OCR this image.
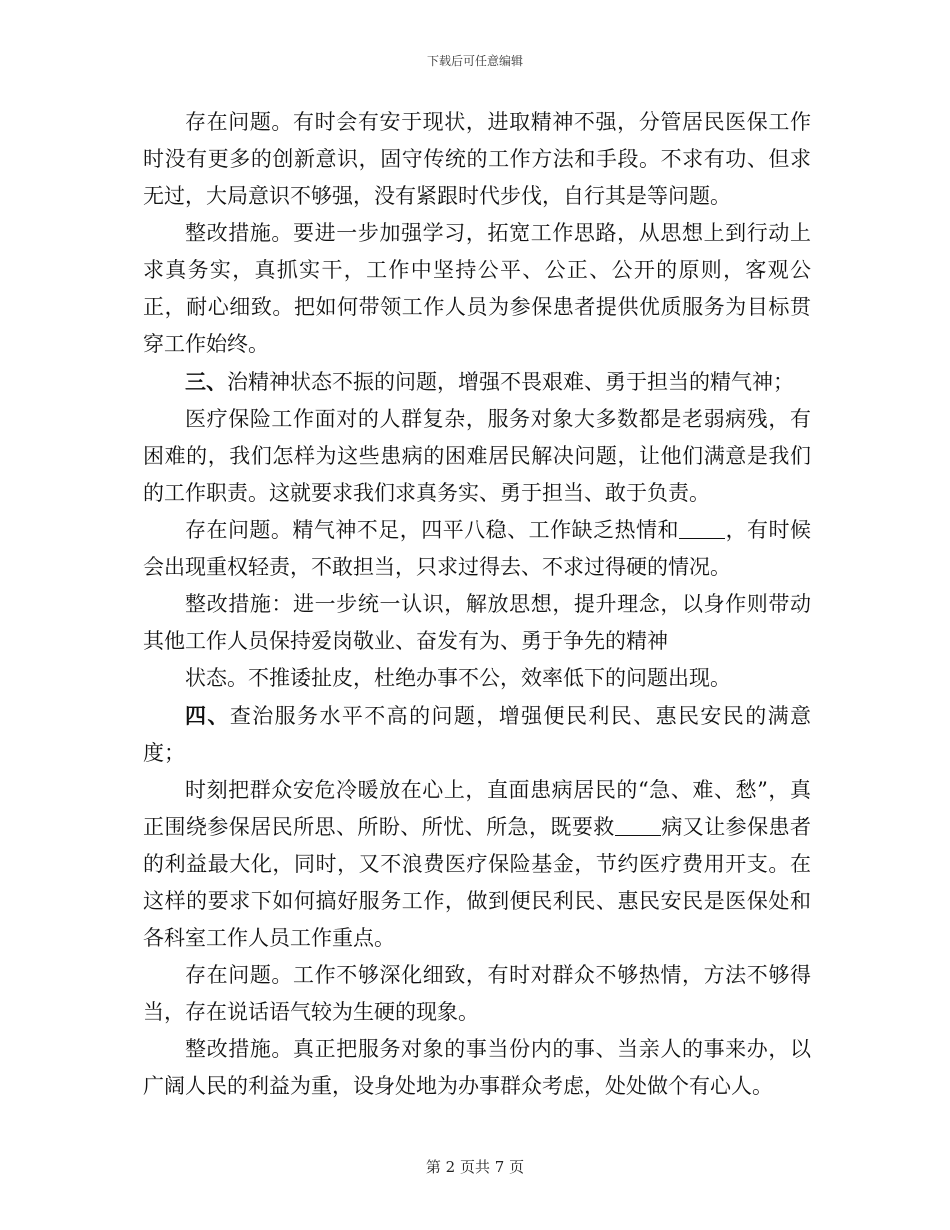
下载后可任意编辑

存在问题。有时会有安于现状，进取精神不强，分管居民医保工作时没有更多的创新意识，固守传统的工作方法和手段。不求有功、但求无过，大局意识不够强，没有紧跟时代步伐，自行其是等问题。

整改措施。要进一步加强学习，拓宽工作思路，从思想上到行动上求真务实，真抓实干，工作中坚持公平、公正、公开的原则，客观公正，耐心细致。把如何带领工作人员为参保患者提供优质服务为目标贯穿工作始终。

三、治精神状态不振的问题，增强不畏艰难、勇于担当的精气神；

医疗保险工作面对的人群复杂，服务对象大多数都是老弱病残，有困难的，我们怎样为这些患病的困难居民解决问题，让他们满意是我们的工作职责。这就要求我们求真务实、勇于担当、敢于负责。

存在问题。精气神不足，四平八稳、工作缺乏热情和 ，有时候会出现重权轻责，不敢担当，只求过得去、不求过得硬的情况。

整改措施：进一步统一认识，解放思想，提升理念，以身作则带动其他工作人员保持爱岗敬业、奋发有为、勇于争先的精神

状态。不推诿扯皮，杜绝办事不公，效率低下的问题出现。

四、查治服务水平不高的问题，增强便民利民、惠民安民的满意度；

时刻把群众安危冷暖放在心上，直面患病居民的“急、难、愁”，真正围绕参保居民所思、所盼、所忧、所急，既要救 病又让参保患者的利益最大化，同时，又不浪费医疗保险基金，节约医疗费用开支。在这样的要求下如何搞好服务工作，做到便民利民、惠民安民是医保处和各科室工作人员工作重点。

存在问题。工作不够深化细致，有时对群众不够热情，方法不够得当，存在说话语气较为生硬的现象。

整改措施。真正把服务对象的事当份内的事、当亲人的事来办，以广阔人民的利益为重，设身处地为办事群众考虑，处处做个有心人。

第 2 页共 7 页
